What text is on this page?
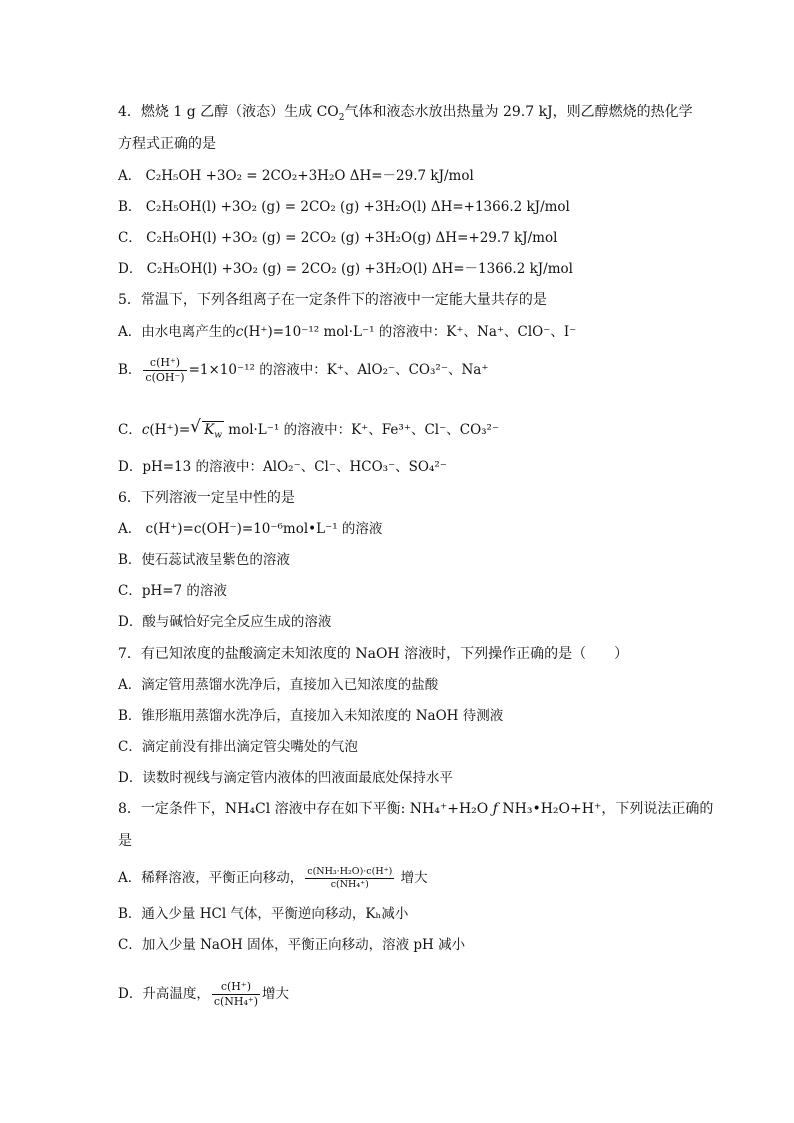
4．燃烧 1 g 乙醇（液态）生成 $CO_2$气体和液态水放出热量为 29.7 kJ，则乙醇燃烧的热化学
方程式正确的是
A． C₂H₅OH +3O₂ = 2CO₂+3H₂O ΔH=－29.7 kJ/mol
B． C₂H₅OH(l) +3O₂ (g) = 2CO₂ (g) +3H₂O(l) ΔH=+1366.2 kJ/mol
C． C₂H₅OH(l) +3O₂ (g) = 2CO₂ (g) +3H₂O(g) ΔH=+29.7 kJ/mol
D． C₂H₅OH(l) +3O₂ (g) = 2CO₂ (g) +3H₂O(l) ΔH=－1366.2 kJ/mol
5．常温下，下列各组离子在一定条件下的溶液中一定能大量共存的是
A．由水电离产生的c(H⁺)=10⁻¹² mol·L⁻¹ 的溶液中：K⁺、Na⁺、ClO⁻、I⁻
B． $\frac{c(H^+)}{c(OH^-)} =1\times 10^{-12}$ 的溶液中：K⁺、AlO₂⁻、CO₃²⁻、Na⁺
C．c(H⁺)= √ $K_w$ mol·L⁻¹ 的溶液中：K⁺、Fe³⁺、Cl⁻、CO₃²⁻
D．pH=13 的溶液中：AlO₂⁻、Cl⁻、HCO₃⁻、SO₄²⁻
6．下列溶液一定呈中性的是
A． c(H⁺)=c(OH⁻)=10⁻⁶mol•L⁻¹ 的溶液
B．使石蕊试液呈紫色的溶液
C．pH=7 的溶液
D．酸与碱恰好完全反应生成的溶液
7．有已知浓度的盐酸滴定未知浓度的 NaOH 溶液时，下列操作正确的是（　　）
A．滴定管用蒸馏水洗净后，直接加入已知浓度的盐酸
B．锥形瓶用蒸馏水洗净后，直接加入未知浓度的 NaOH 待测液
C．滴定前没有排出滴定管尖嘴处的气泡
D．读数时视线与滴定管内液体的凹液面最底处保持水平
8．一定条件下，NH₄Cl 溶液中存在如下平衡: NH₄⁺+H₂O ƒ NH₃•H₂O+H⁺，下列说法正确的
是
A．稀释溶液，平衡正向移动， $\frac{\text{c(NH₃·H₂O)·c(H⁺)}}{\text{c(NH₄⁺)}}$ 增大
B．通入少量 HCl 气体，平衡逆向移动，Kₕ减小
C．加入少量 NaOH 固体，平衡正向移动，溶液 pH 减小
D．升高温度， $\frac{c(H^+)}{\text{c(NH₄⁺)}}$ 增大
